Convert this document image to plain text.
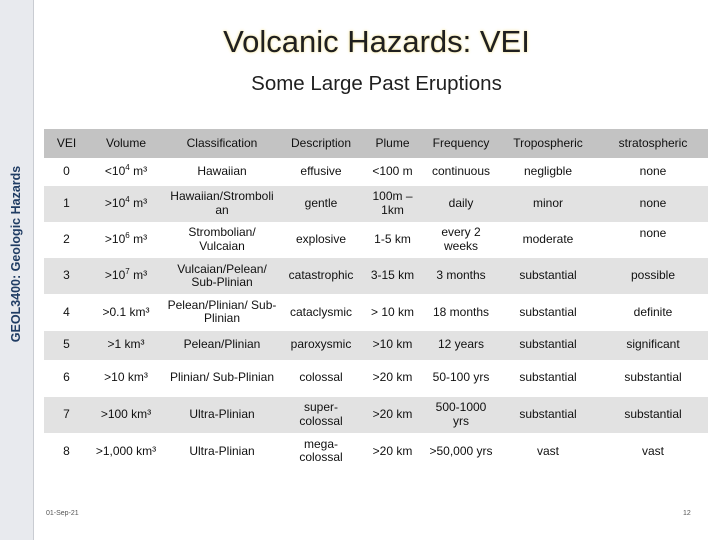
GEOL3400: Geologic Hazards
Volcanic Hazards: VEI
Some Large Past Eruptions
VEI	Volume	Classification	Description	Plume	Frequency	Tropospheric	stratospheric
0	$<10^4$ m³	Hawaiian	effusive	<100 m	continuous	negligble	none
1	$>10^4$ m³	Hawaiian/Stromboli an	gentle	100m – 1km	daily	minor	none
2	$>10^6$ m³	Strombolian/ Vulcaian	explosive	1-5 km	every 2 weeks	moderate	none
3	$>10^7$ m³	Vulcaian/Pelean/ Sub-Plinian	catastrophic	3-15 km	3 months	substantial	possible
4	>0.1 km³	Pelean/Plinian/ Sub-Plinian	cataclysmic	> 10 km	18 months	substantial	definite
5	>1 km³	Pelean/Plinian	paroxysmic	>10 km	12 years	substantial	significant
6	>10 km³	Plinian/ Sub-Plinian	colossal	>20 km	50-100 yrs	substantial	substantial
7	>100 km³	Ultra-Plinian	super-colossal	>20 km	500-1000 yrs	substantial	substantial
8	>1,000 km³	Ultra-Plinian	mega-colossal	>20 km	>50,000 yrs	vast	vast
01-Sep-21	12
